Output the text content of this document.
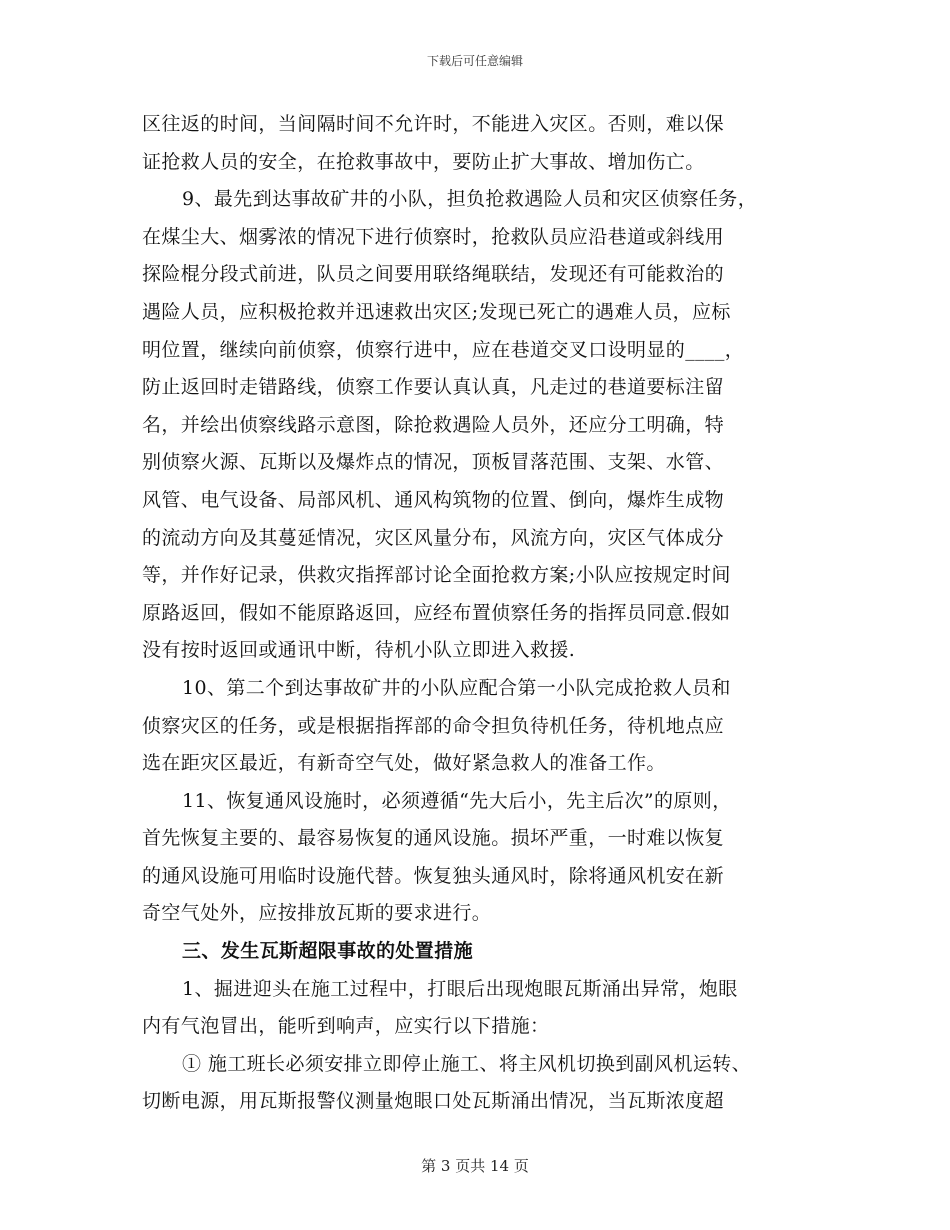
下载后可任意编辑
区往返的时间，当间隔时间不允许时，不能进入灾区。否则，难以保
证抢救人员的安全，在抢救事故中，要防止扩大事故、增加伤亡。
9、最先到达事故矿井的小队，担负抢救遇险人员和灾区侦察任务，
在煤尘大、烟雾浓的情况下进行侦察时，抢救队员应沿巷道或斜线用
探险棍分段式前进，队员之间要用联络绳联结，发现还有可能救治的
遇险人员，应积极抢救并迅速救出灾区;发现已死亡的遇难人员，应标
明位置，继续向前侦察，侦察行进中，应在巷道交叉口设明显的____，
防止返回时走错路线，侦察工作要认真认真，凡走过的巷道要标注留
名，并绘出侦察线路示意图，除抢救遇险人员外，还应分工明确，特
别侦察火源、瓦斯以及爆炸点的情况，顶板冒落范围、支架、水管、
风管、电气设备、局部风机、通风构筑物的位置、倒向，爆炸生成物
的流动方向及其蔓延情况，灾区风量分布，风流方向，灾区气体成分
等，并作好记录，供救灾指挥部讨论全面抢救方案;小队应按规定时间
原路返回，假如不能原路返回，应经布置侦察任务的指挥员同意.假如
没有按时返回或通讯中断，待机小队立即进入救援.
10、第二个到达事故矿井的小队应配合第一小队完成抢救人员和
侦察灾区的任务，或是根据指挥部的命令担负待机任务，待机地点应
选在距灾区最近，有新奇空气处，做好紧急救人的准备工作。
11、恢复通风设施时，必须遵循“先大后小，先主后次”的原则，
首先恢复主要的、最容易恢复的通风设施。损坏严重，一时难以恢复
的通风设施可用临时设施代替。恢复独头通风时，除将通风机安在新
奇空气处外，应按排放瓦斯的要求进行。
三、发生瓦斯超限事故的处置措施
1、掘进迎头在施工过程中，打眼后出现炮眼瓦斯涌出异常，炮眼
内有气泡冒出，能听到响声，应实行以下措施：
① 施工班长必须安排立即停止施工、将主风机切换到副风机运转、
切断电源，用瓦斯报警仪测量炮眼口处瓦斯涌出情况，当瓦斯浓度超
第 3 页共 14 页
